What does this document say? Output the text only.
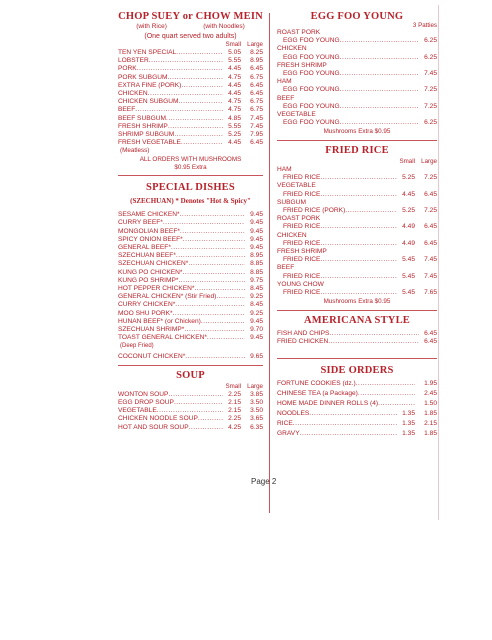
CHOP SUEY or CHOW MEIN
(with Rice)	(with Noodles)
(One quart served two adults)
Small Large
TEN YEN SPECIAL .....	5.05	8.25
LOBSTER .....	5.55	8.95
PORK .....	4.45	6.45
PORK SUBGUM .....	4.75	6.75
EXTRA FINE (PORK) .....	4.45	6.45
CHICKEN .....	4.45	6.45
CHICKEN SUBGUM .....	4.75	6.75
BEEF .....	4.75	6.75
BEEF SUBGUM .....	4.85	7.45
FRESH SHRIMP .....	5.55	7.45
SHRIMP SUBGUM .....	5.25	7.95
FRESH VEGETABLE .....	4.45	6.45
(Meatless)
ALL ORDERS WITH MUSHROOMS
$0.95 Extra
SPECIAL DISHES
(SZECHUAN) * Denotes "Hot & Spicy"
SESAME CHICKEN* .....	9.45
CURRY BEEF* .....	9.45
MONGOLIAN BEEF* .....	9.45
SPICY ONION BEEF* .....	9.45
GENERAL BEEF* .....	9.45
SZECHUAN BEEF* .....	8.95
SZECHUAN CHICKEN* .....	8.85
KUNG PO CHICKEN* .....	8.85
KUNG PO SHRIMP* .....	9.75
HOT PEPPER CHICKEN* .....	8.45
GENERAL CHICKEN* (Stir Fried) .....	9.25
CURRY CHICKEN* .....	8.45
MOO SHU PORK* .....	9.25
HUNAN BEEF* (or Chicken) .....	9.45
SZECHUAN SHRIMP* .....	9.70
TOAST GENERAL CHICKEN* .....	9.45
(Deep Fried)
COCONUT CHICKEN* .....	9.65
SOUP
Small Large
WONTON SOUP .....	2.25	3.85
EGG DROP SOUP .....	2.15	3.50
VEGETABLE .....	2.15	3.50
CHICKEN NOODLE SOUP .....	2.25	3.65
HOT AND SOUR SOUP .....	4.25	6.35
EGG FOO YOUNG
3 Patties
ROAST PORK
EGG FOO YOUNG .....	6.25
CHICKEN
EGG FOO YOUNG .....	6.25
FRESH SHRIMP
EGG FOO YOUNG .....	7.45
HAM
EGG FOO YOUNG .....	7.25
BEEF
EGG FOO YOUNG .....	7.25
VEGETABLE
EGG FOO YOUNG .....	6.25
Mushrooms Extra $0.95
FRIED RICE
Small Large
HAM
FRIED RICE .....	5.25	7.25
VEGETABLE
FRIED RICE .....	4.45	6.45
SUBGUM
FRIED RICE (PORK) .....	5.25	7.25
ROAST PORK
FRIED RICE .....	4.49	6.45
CHICKEN
FRIED RICE .....	4.49	6.45
FRESH SHRIMP
FRIED RICE .....	5.45	7.45
BEEF
FRIED RICE .....	5.45	7.45
YOUNG CHOW
FRIED RICE .....	5.45	7.65
Mushrooms Extra $0.95
AMERICANA STYLE
FISH AND CHIPS .....	6.45
FRIED CHICKEN .....	6.45
SIDE ORDERS
FORTUNE COOKIES (dz.) .....	1.95
CHINESE TEA (a Package) .....	2.45
HOME MADE DINNER ROLLS (4) .....	1.50
NOODLES .....	1.35	1.85
RICE .....	1.35	2.15
GRAVY .....	1.35	1.85
Page 2
